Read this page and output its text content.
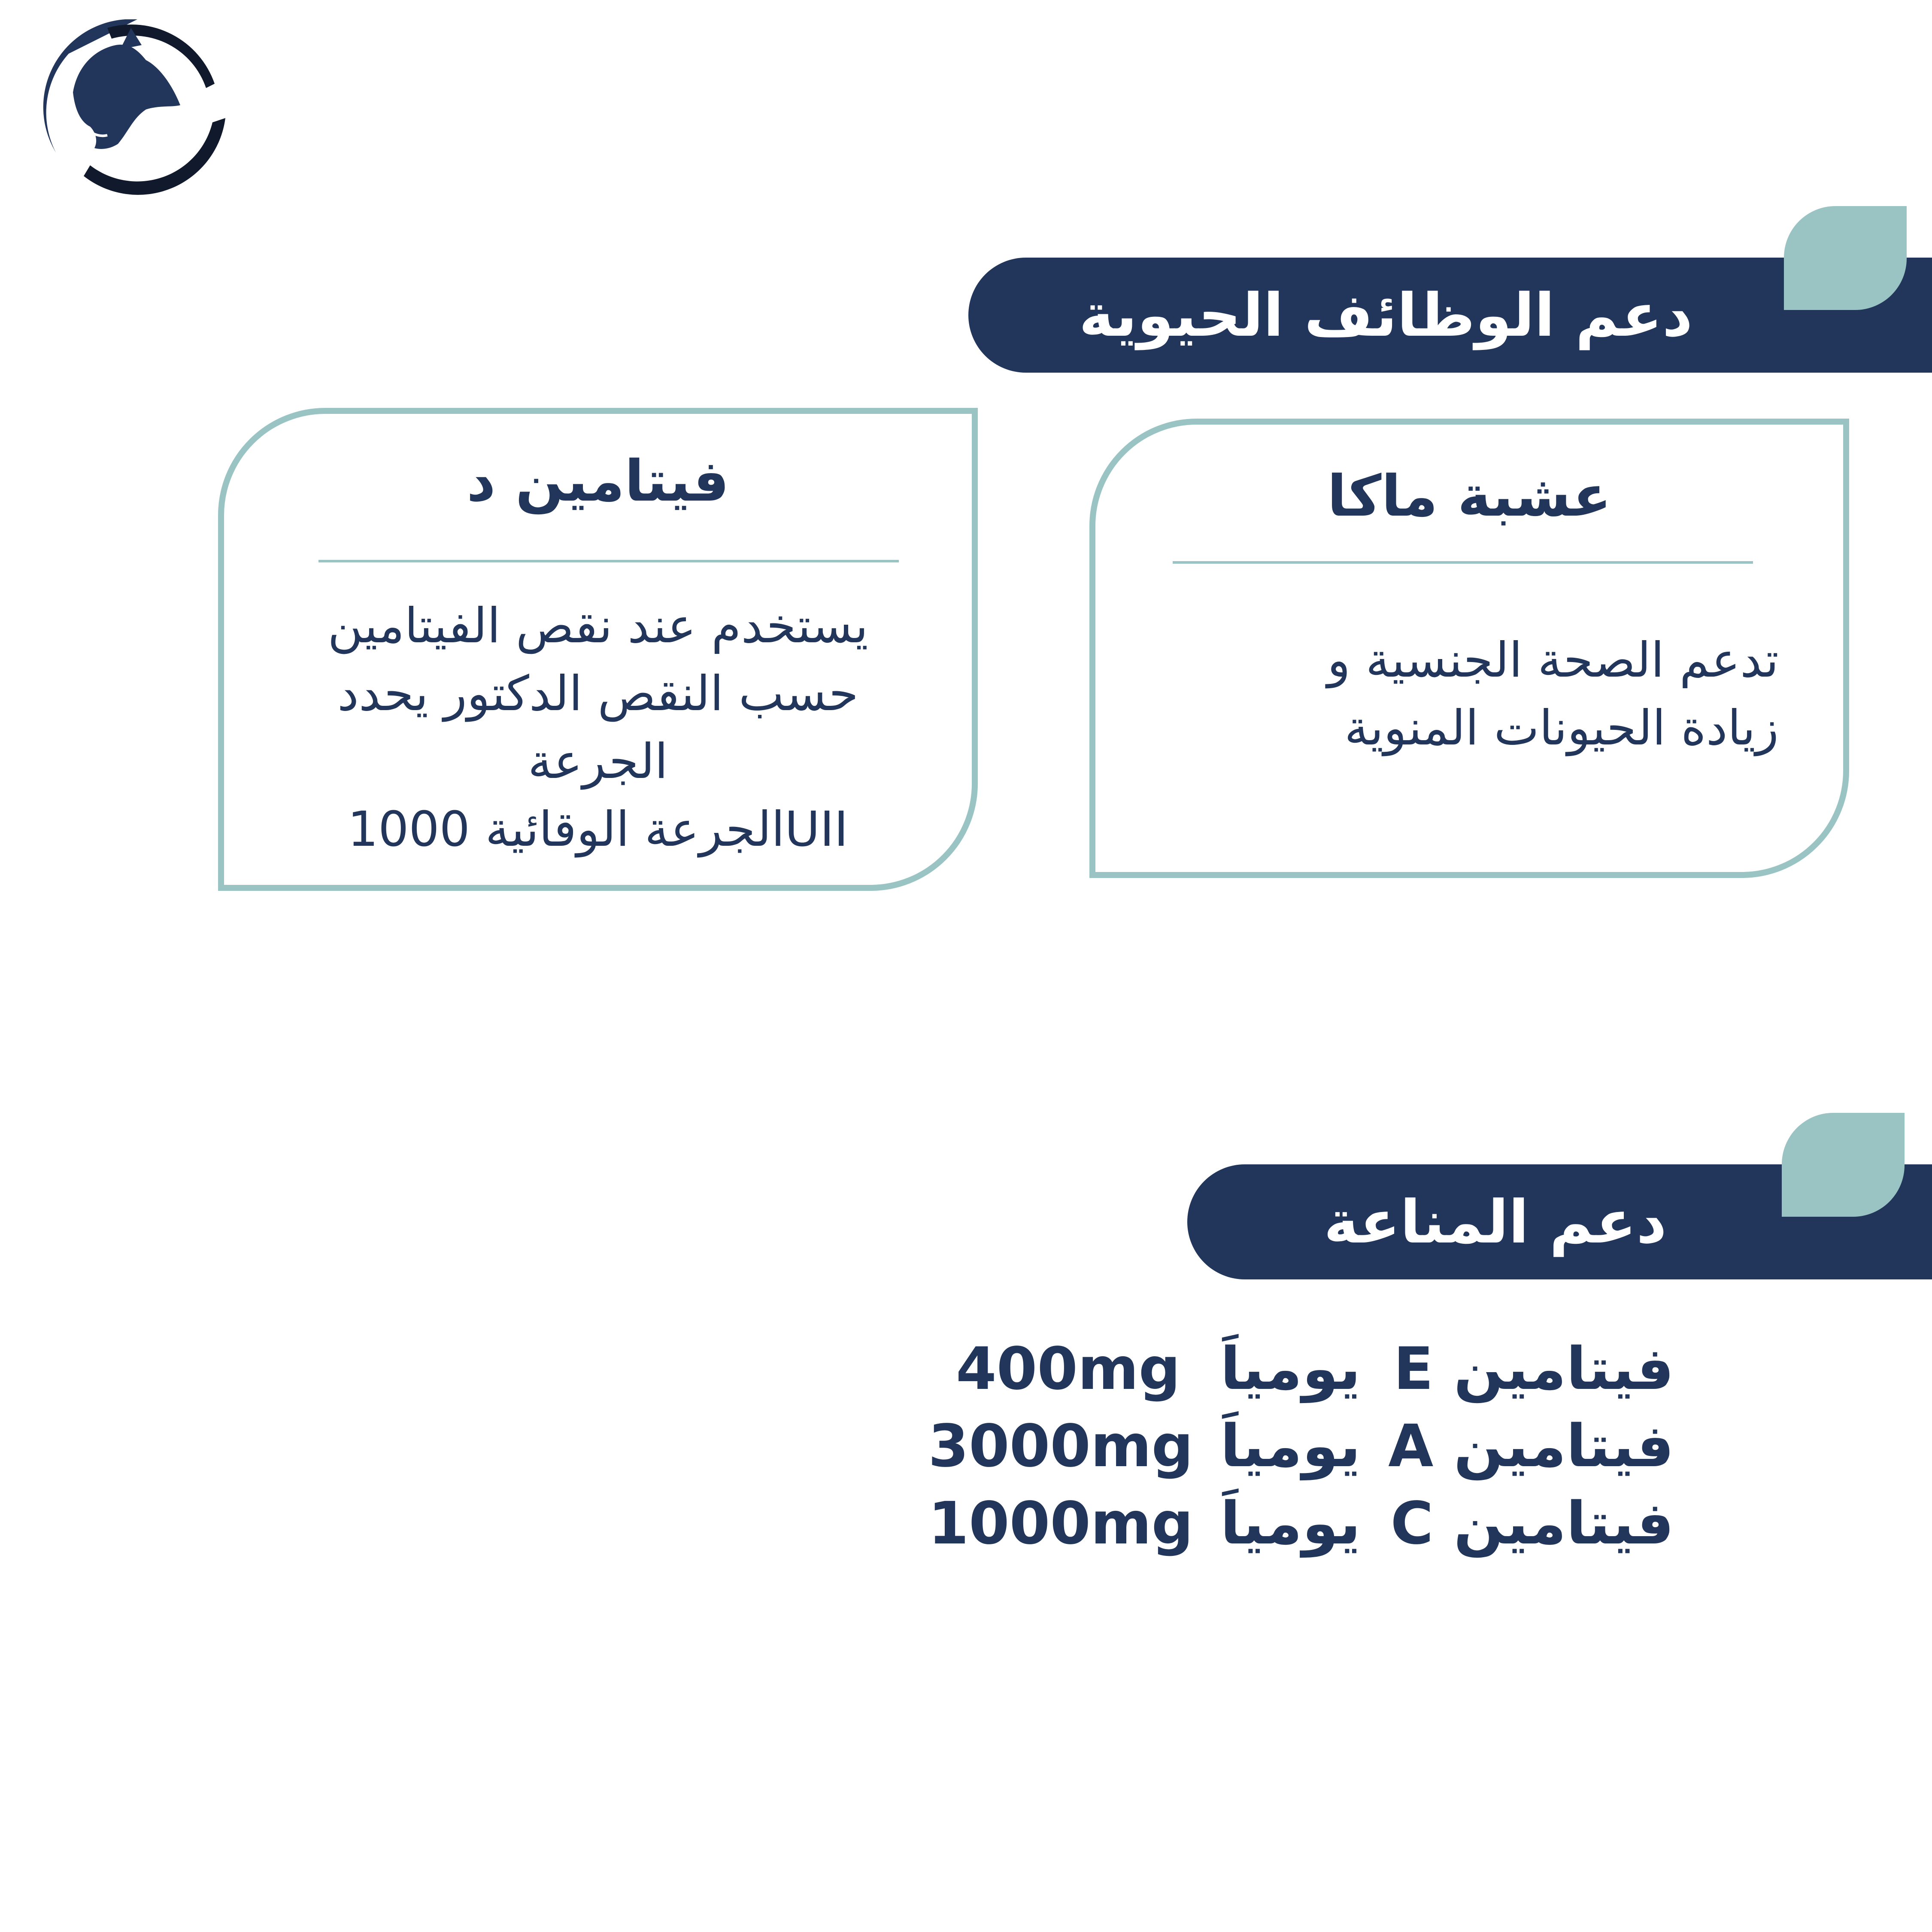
دعم الوظائف الحيوية
عشبة ماكا
تدعم الصحة الجنسية و
زيادة الحيونات المنوية
فيتامين د
يستخدم عند نقص الفيتامين
حسب النقص الدكتور يحدد
الجرعة
UIIالجرعة الوقائية 1000
دعم المناعة
فيتامين E
يومياَ
400mg
فيتامين A
يومياَ
3000mg
فيتامين C
يومياَ
1000mg
